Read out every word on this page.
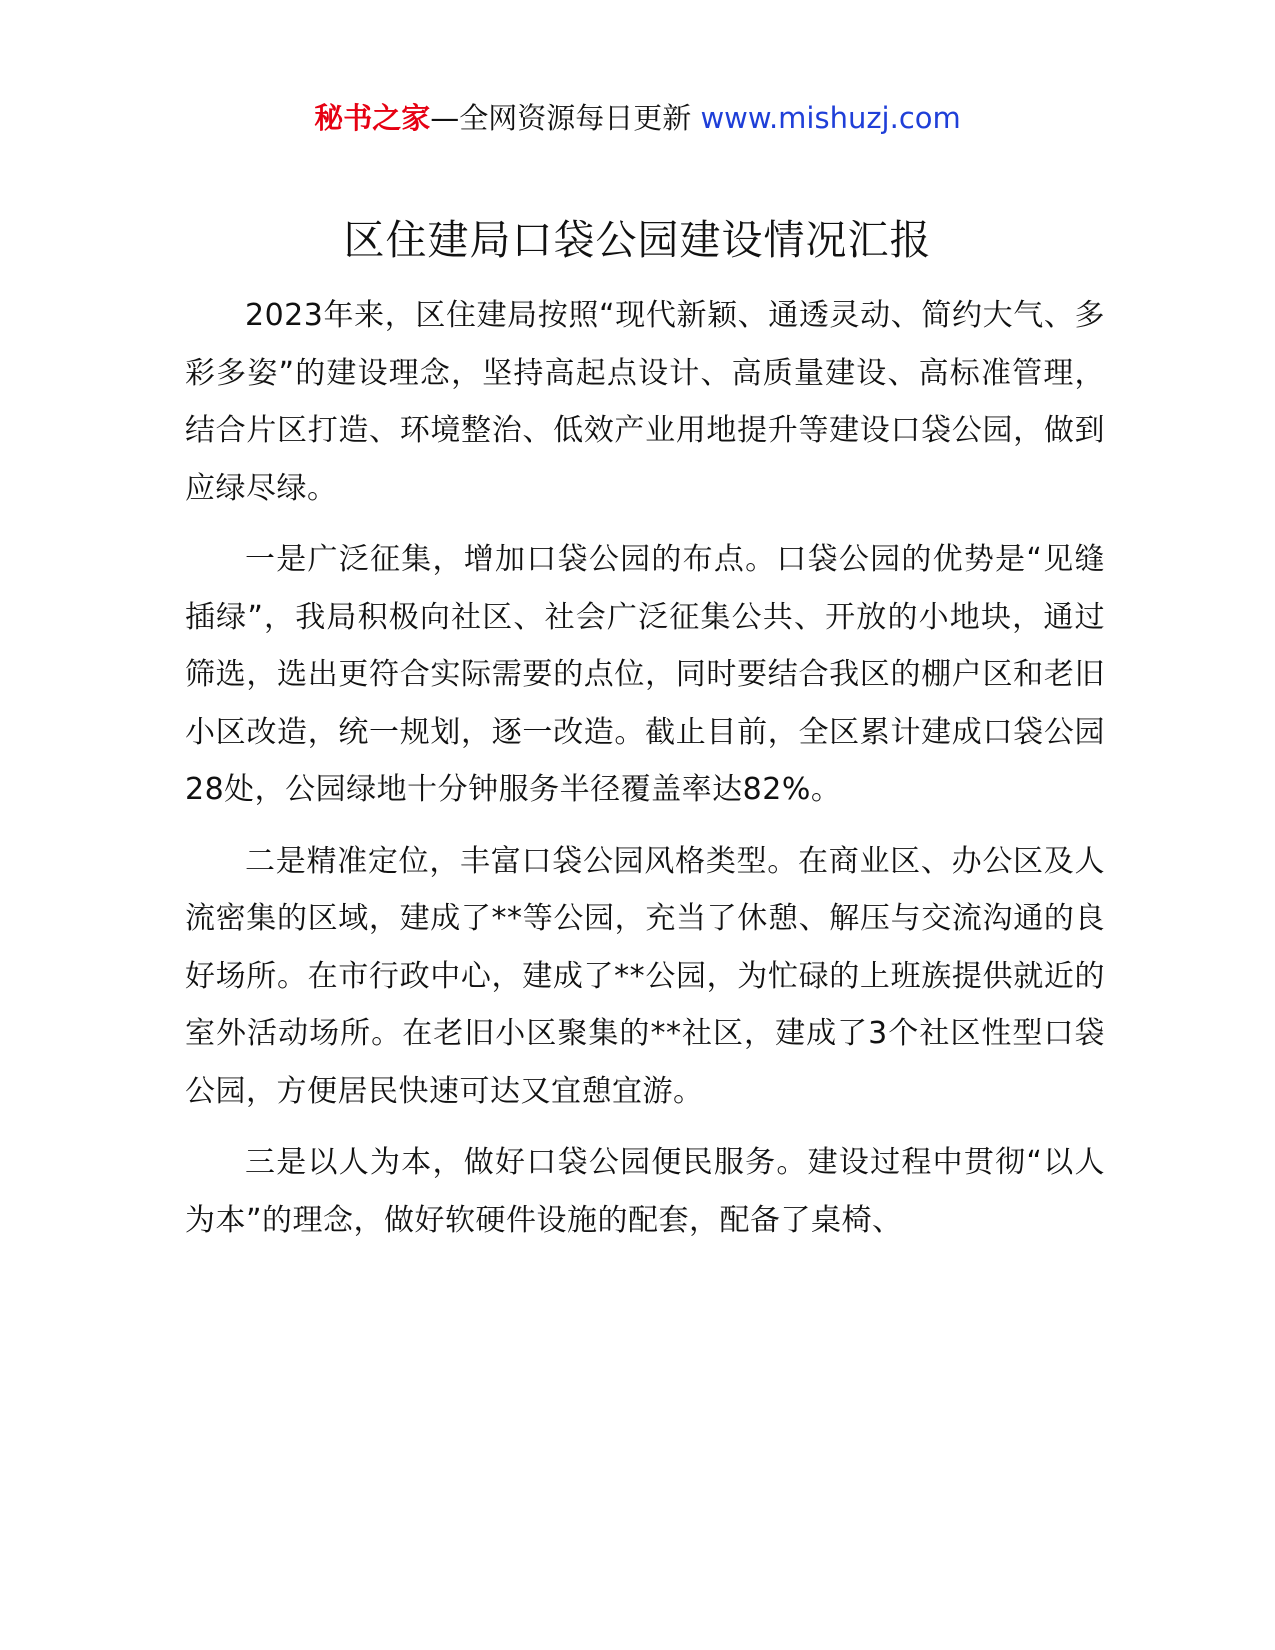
秘书之家—全网资源每日更新 www.mishuzj.com
区住建局口袋公园建设情况汇报

2023年来，区住建局按照“现代新颖、通透灵动、简约大气、多彩多姿”的建设理念，坚持高起点设计、高质量建设、高标准管理，结合片区打造、环境整治、低效产业用地提升等建设口袋公园，做到应绿尽绿。

一是广泛征集，增加口袋公园的布点。口袋公园的优势是“见缝插绿”，我局积极向社区、社会广泛征集公共、开放的小地块，通过筛选，选出更符合实际需要的点位，同时要结合我区的棚户区和老旧小区改造，统一规划，逐一改造。截止目前，全区累计建成口袋公园28处，公园绿地十分钟服务半径覆盖率达82%。

二是精准定位，丰富口袋公园风格类型。在商业区、办公区及人流密集的区域，建成了**等公园，充当了休憩、解压与交流沟通的良好场所。在市行政中心，建成了**公园，为忙碌的上班族提供就近的室外活动场所。在老旧小区聚集的**社区，建成了3个社区性型口袋公园，方便居民快速可达又宜憩宜游。

三是以人为本，做好口袋公园便民服务。建设过程中贯彻“以人为本”的理念，做好软硬件设施的配套，配备了桌椅、
